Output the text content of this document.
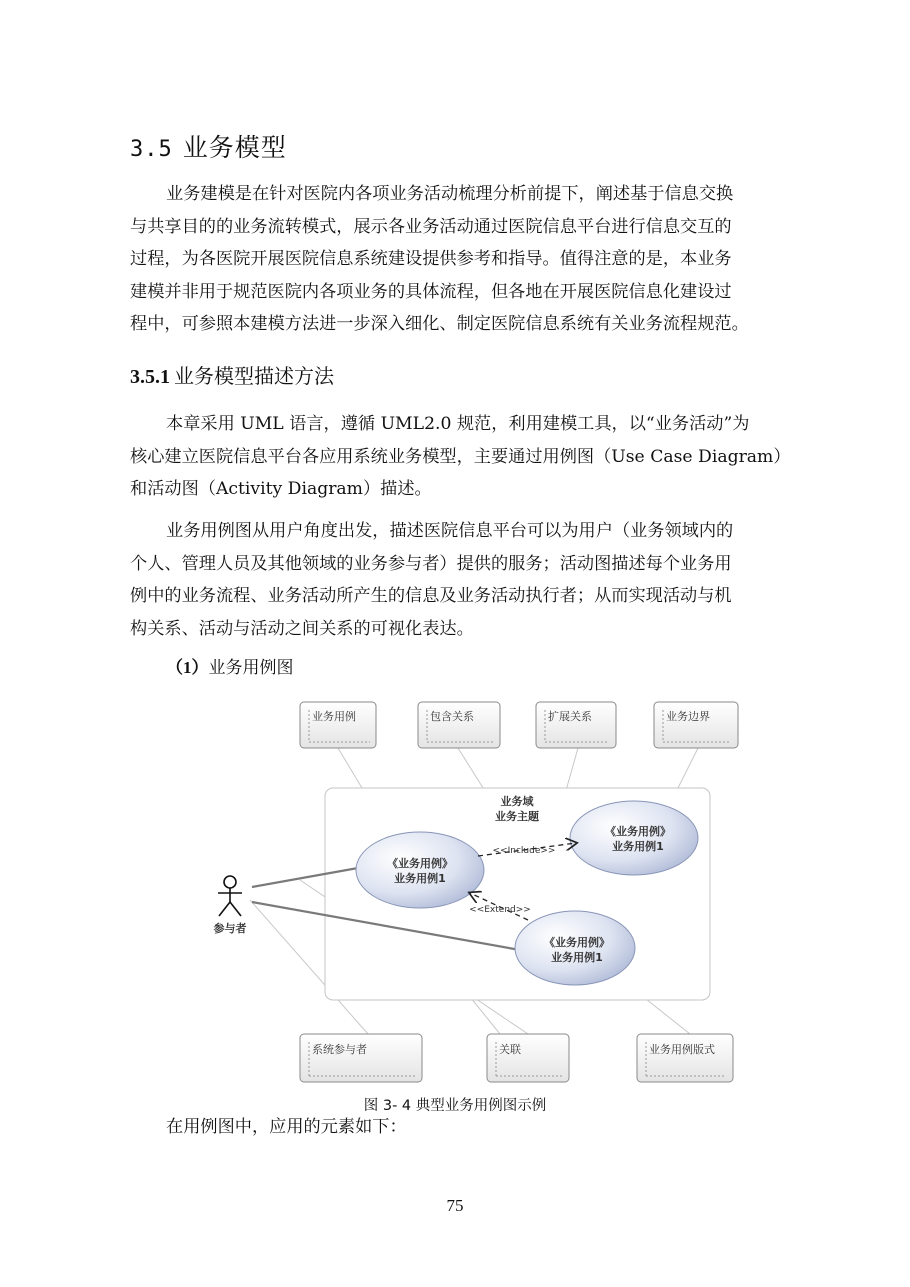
3.5 业务模型
业务建模是在针对医院内各项业务活动梳理分析前提下，阐述基于信息交换
与共享目的的业务流转模式，展示各业务活动通过医院信息平台进行信息交互的
过程，为各医院开展医院信息系统建设提供参考和指导。值得注意的是，本业务
建模并非用于规范医院内各项业务的具体流程，但各地在开展医院信息化建设过
程中，可参照本建模方法进一步深入细化、制定医院信息系统有关业务流程规范。
3.5.1 业务模型描述方法
本章采用 UML 语言，遵循 UML2.0 规范，利用建模工具，以“业务活动”为
核心建立医院信息平台各应用系统业务模型，主要通过用例图（Use Case Diagram）
和活动图（Activity Diagram）描述。
业务用例图从用户角度出发，描述医院信息平台可以为用户（业务领域内的
个人、管理人员及其他领域的业务参与者）提供的服务；活动图描述每个业务用
例中的业务流程、业务活动所产生的信息及业务活动执行者；从而实现活动与机
构关系、活动与活动之间关系的可视化表达。
（1）业务用例图
业务域
业务主题
参与者
《业务用例》
业务用例1
《业务用例》
业务用例1
《业务用例》
业务用例1
<<Include>>
<<Extend>>
业务用例	包含关系	扩展关系	业务边界
系统参与者	关联	业务用例版式
图 3- 4 典型业务用例图示例
在用例图中，应用的元素如下：
75
